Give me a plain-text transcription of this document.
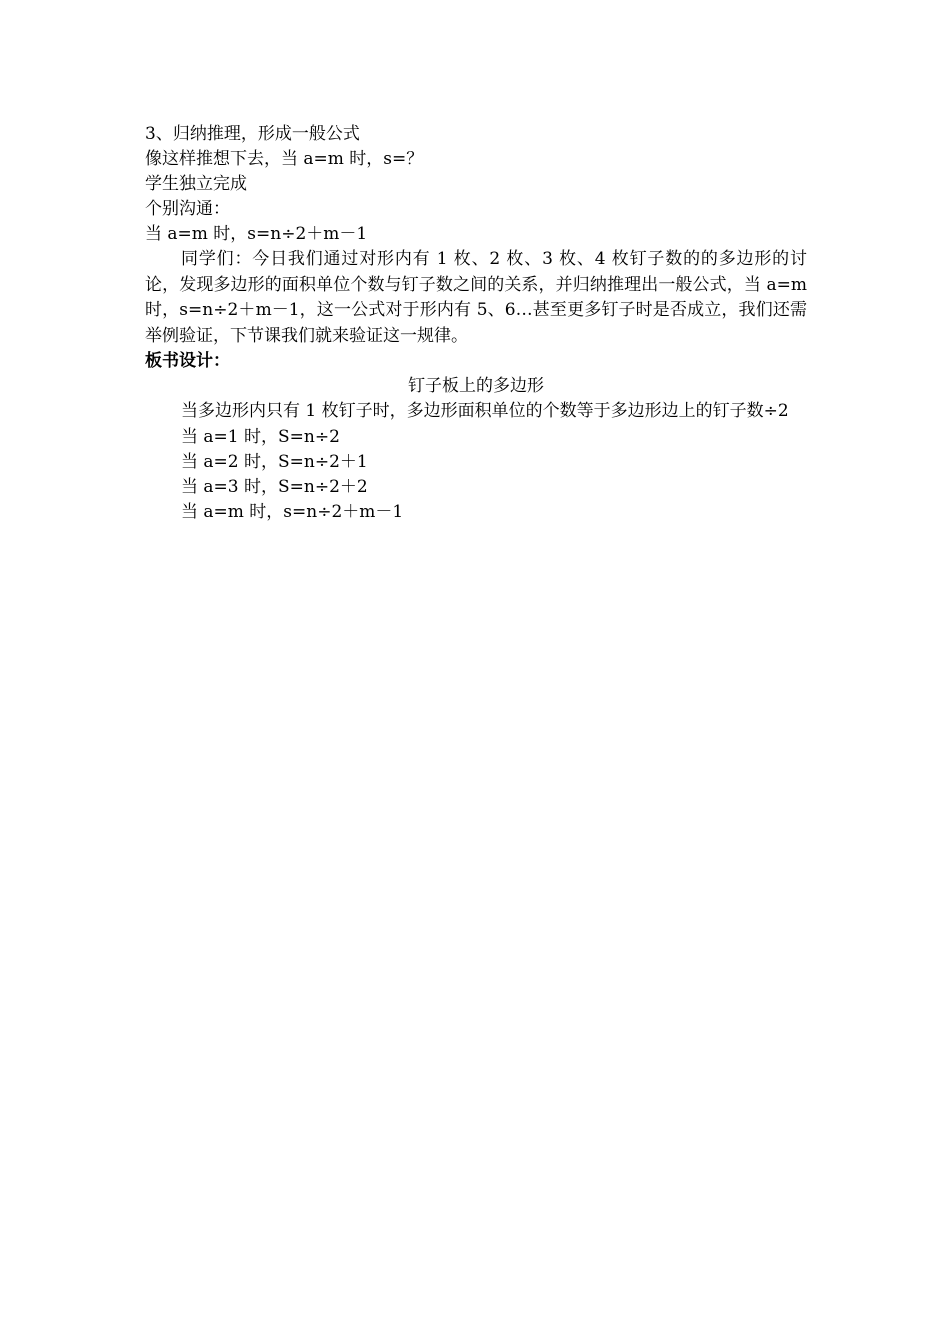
3、归纳推理，形成一般公式
像这样推想下去，当 a=m 时，s=？
学生独立完成
个别沟通：
当 a=m 时，s=n÷2＋m－1
同学们：今日我们通过对形内有 1 枚、2 枚、3 枚、4 枚钉子数的的多边形的讨论，发现多边形的面积单位个数与钉子数之间的关系，并归纳推理出一般公式，当 a=m 时，s=n÷2＋m－1，这一公式对于形内有 5、6…甚至更多钉子时是否成立，我们还需举例验证，下节课我们就来验证这一规律。
板书设计：
钉子板上的多边形
当多边形内只有 1 枚钉子时，多边形面积单位的个数等于多边形边上的钉子数÷2
当 a=1 时，S=n÷2
当 a=2 时，S=n÷2＋1
当 a=3 时，S=n÷2＋2
当 a=m 时，s=n÷2＋m－1
